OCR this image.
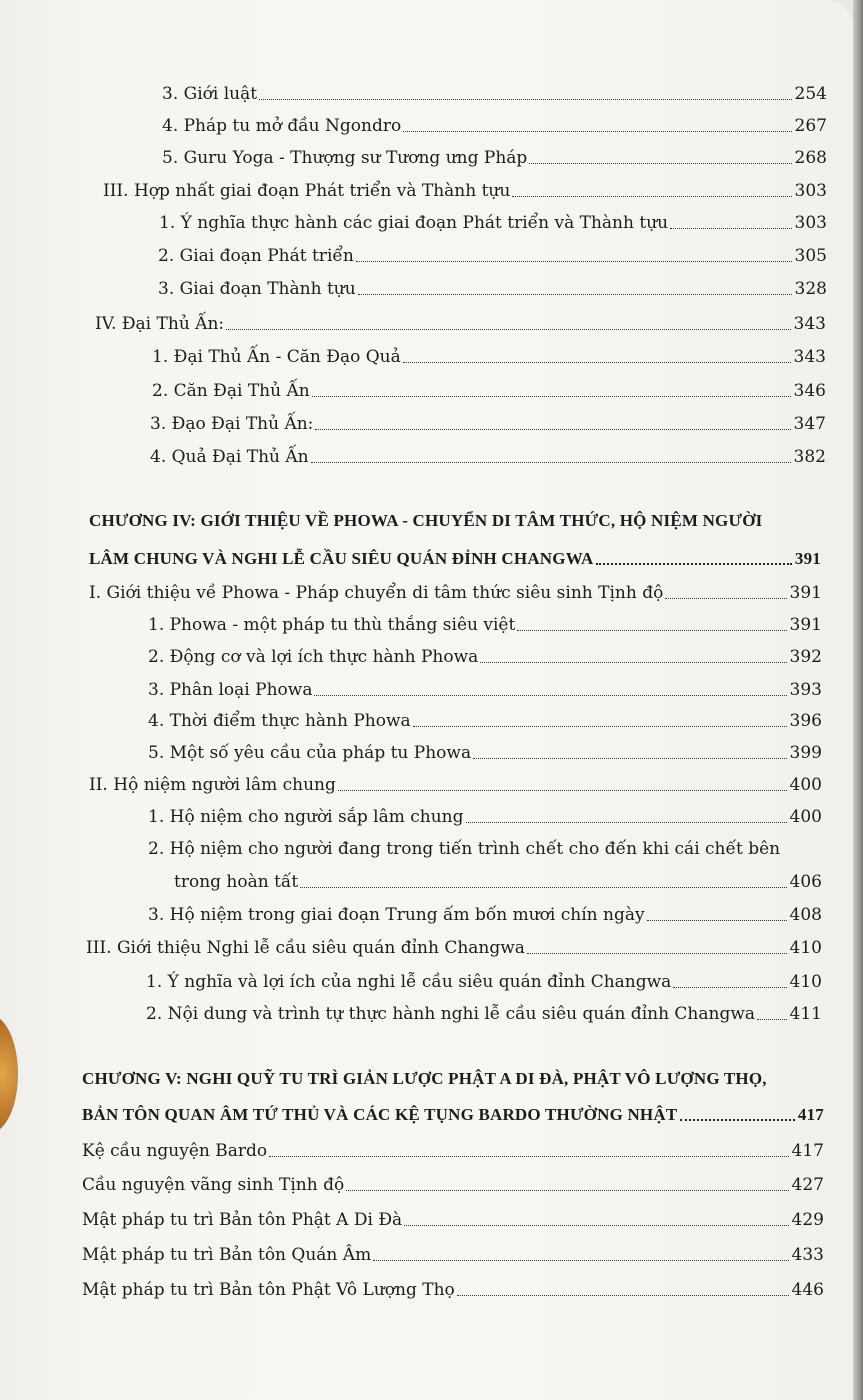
3. Giới luật	254
4. Pháp tu mở đầu Ngondro	267
5. Guru Yoga - Thượng sư Tương ưng Pháp	268
III. Hợp nhất giai đoạn Phát triển và Thành tựu	303
1. Ý nghĩa thực hành các giai đoạn Phát triển và Thành tựu	303
2. Giai đoạn Phát triển	305
3. Giai đoạn Thành tựu	328
IV. Đại Thủ Ấn:	343
1. Đại Thủ Ấn - Căn Đạo Quả	343
2. Căn Đại Thủ Ấn	346
3. Đạo Đại Thủ Ấn:	347
4. Quả Đại Thủ Ấn	382
CHƯƠNG IV: GIỚI THIỆU VỀ PHOWA - CHUYỂN DI TÂM THỨC, HỘ NIỆM NGƯỜI
LÂM CHUNG VÀ NGHI LỄ CẦU SIÊU QUÁN ĐỈNH CHANGWA	391
I. Giới thiệu về Phowa - Pháp chuyển di tâm thức siêu sinh Tịnh độ	391
1. Phowa - một pháp tu thù thắng siêu việt	391
2. Động cơ và lợi ích thực hành Phowa	392
3. Phân loại Phowa	393
4. Thời điểm thực hành Phowa	396
5. Một số yêu cầu của pháp tu Phowa	399
II. Hộ niệm người lâm chung	400
1. Hộ niệm cho người sắp lâm chung	400
2. Hộ niệm cho người đang trong tiến trình chết cho đến khi cái chết bên
trong hoàn tất	406
3. Hộ niệm trong giai đoạn Trung ấm bốn mươi chín ngày	408
III. Giới thiệu Nghi lễ cầu siêu quán đỉnh Changwa	410
1. Ý nghĩa và lợi ích của nghi lễ cầu siêu quán đỉnh Changwa	410
2. Nội dung và trình tự thực hành nghi lễ cầu siêu quán đỉnh Changwa 411
CHƯƠNG V: NGHI QUỸ TU TRÌ GIẢN LƯỢC PHẬT A DI ĐÀ, PHẬT VÔ LƯỢNG THỌ,
BẢN TÔN QUAN ÂM TỨ THỦ VÀ CÁC KỆ TỤNG BARDO THƯỜNG NHẬT	417
Kệ cầu nguyện Bardo	417
Cầu nguyện vãng sinh Tịnh độ	427
Mật pháp tu trì Bản tôn Phật A Di Đà	429
Mật pháp tu trì Bản tôn Quán Âm	433
Mật pháp tu trì Bản tôn Phật Vô Lượng Thọ	446
